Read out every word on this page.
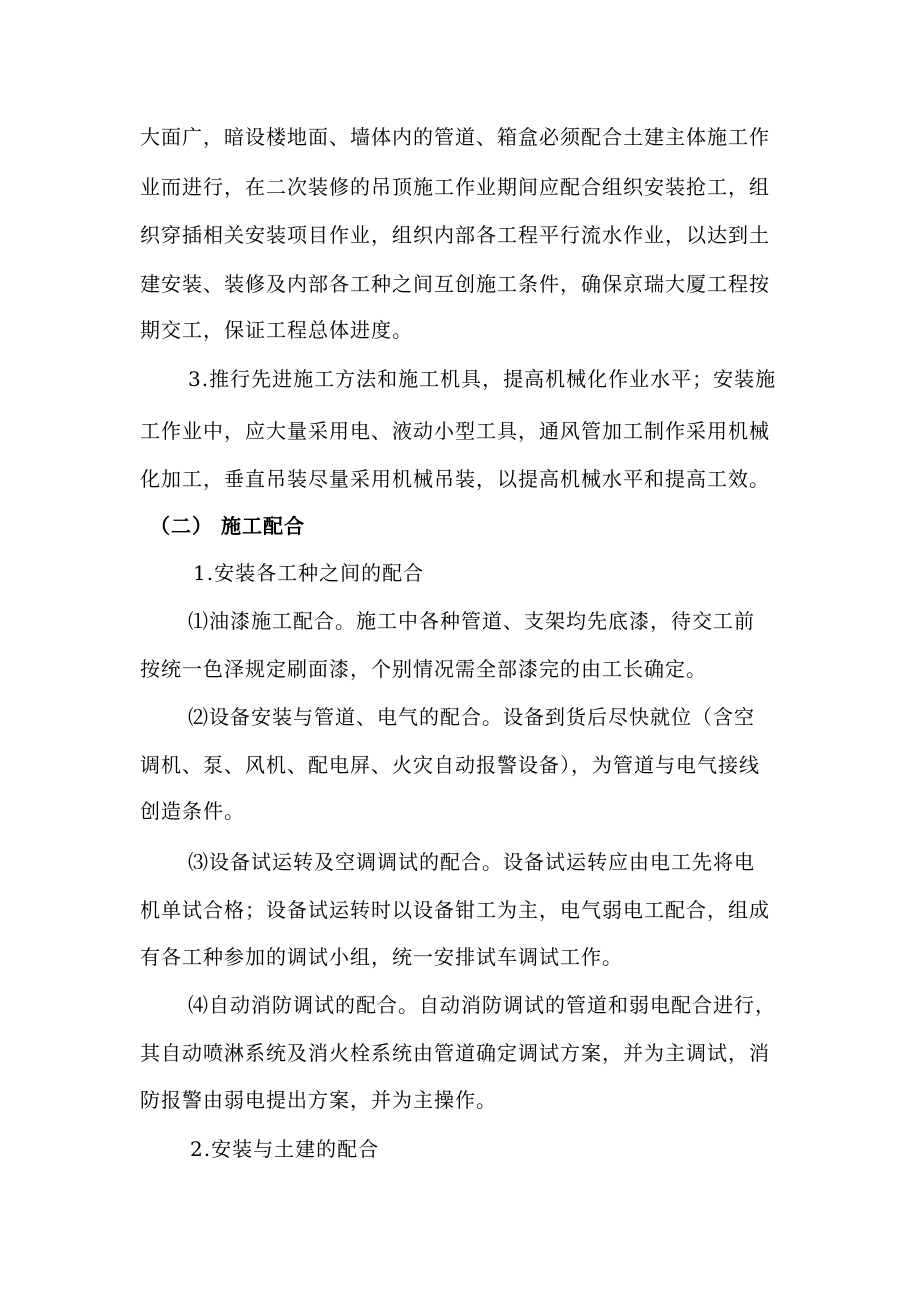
大面广，暗设楼地面、墙体内的管道、箱盒必须配合土建主体施工作
业而进行，在二次装修的吊顶施工作业期间应配合组织安装抢工，组
织穿插相关安装项目作业，组织内部各工程平行流水作业，以达到土
建安装、装修及内部各工种之间互创施工条件，确保京瑞大厦工程按
期交工，保证工程总体进度。
3.推行先进施工方法和施工机具，提高机械化作业水平；安装施
工作业中，应大量采用电、液动小型工具，通风管加工制作采用机械
化加工，垂直吊装尽量采用机械吊装，以提高机械水平和提高工效。
（二） 施工配合
1.安装各工种之间的配合
⑴油漆施工配合。施工中各种管道、支架均先底漆，待交工前
按统一色泽规定刷面漆，个别情况需全部漆完的由工长确定。
⑵设备安装与管道、电气的配合。设备到货后尽快就位（含空
调机、泵、风机、配电屏、火灾自动报警设备），为管道与电气接线
创造条件。
⑶设备试运转及空调调试的配合。设备试运转应由电工先将电
机单试合格；设备试运转时以设备钳工为主，电气弱电工配合，组成
有各工种参加的调试小组，统一安排试车调试工作。
⑷自动消防调试的配合。自动消防调试的管道和弱电配合进行，
其自动喷淋系统及消火栓系统由管道确定调试方案，并为主调试，消
防报警由弱电提出方案，并为主操作。
2.安装与土建的配合
